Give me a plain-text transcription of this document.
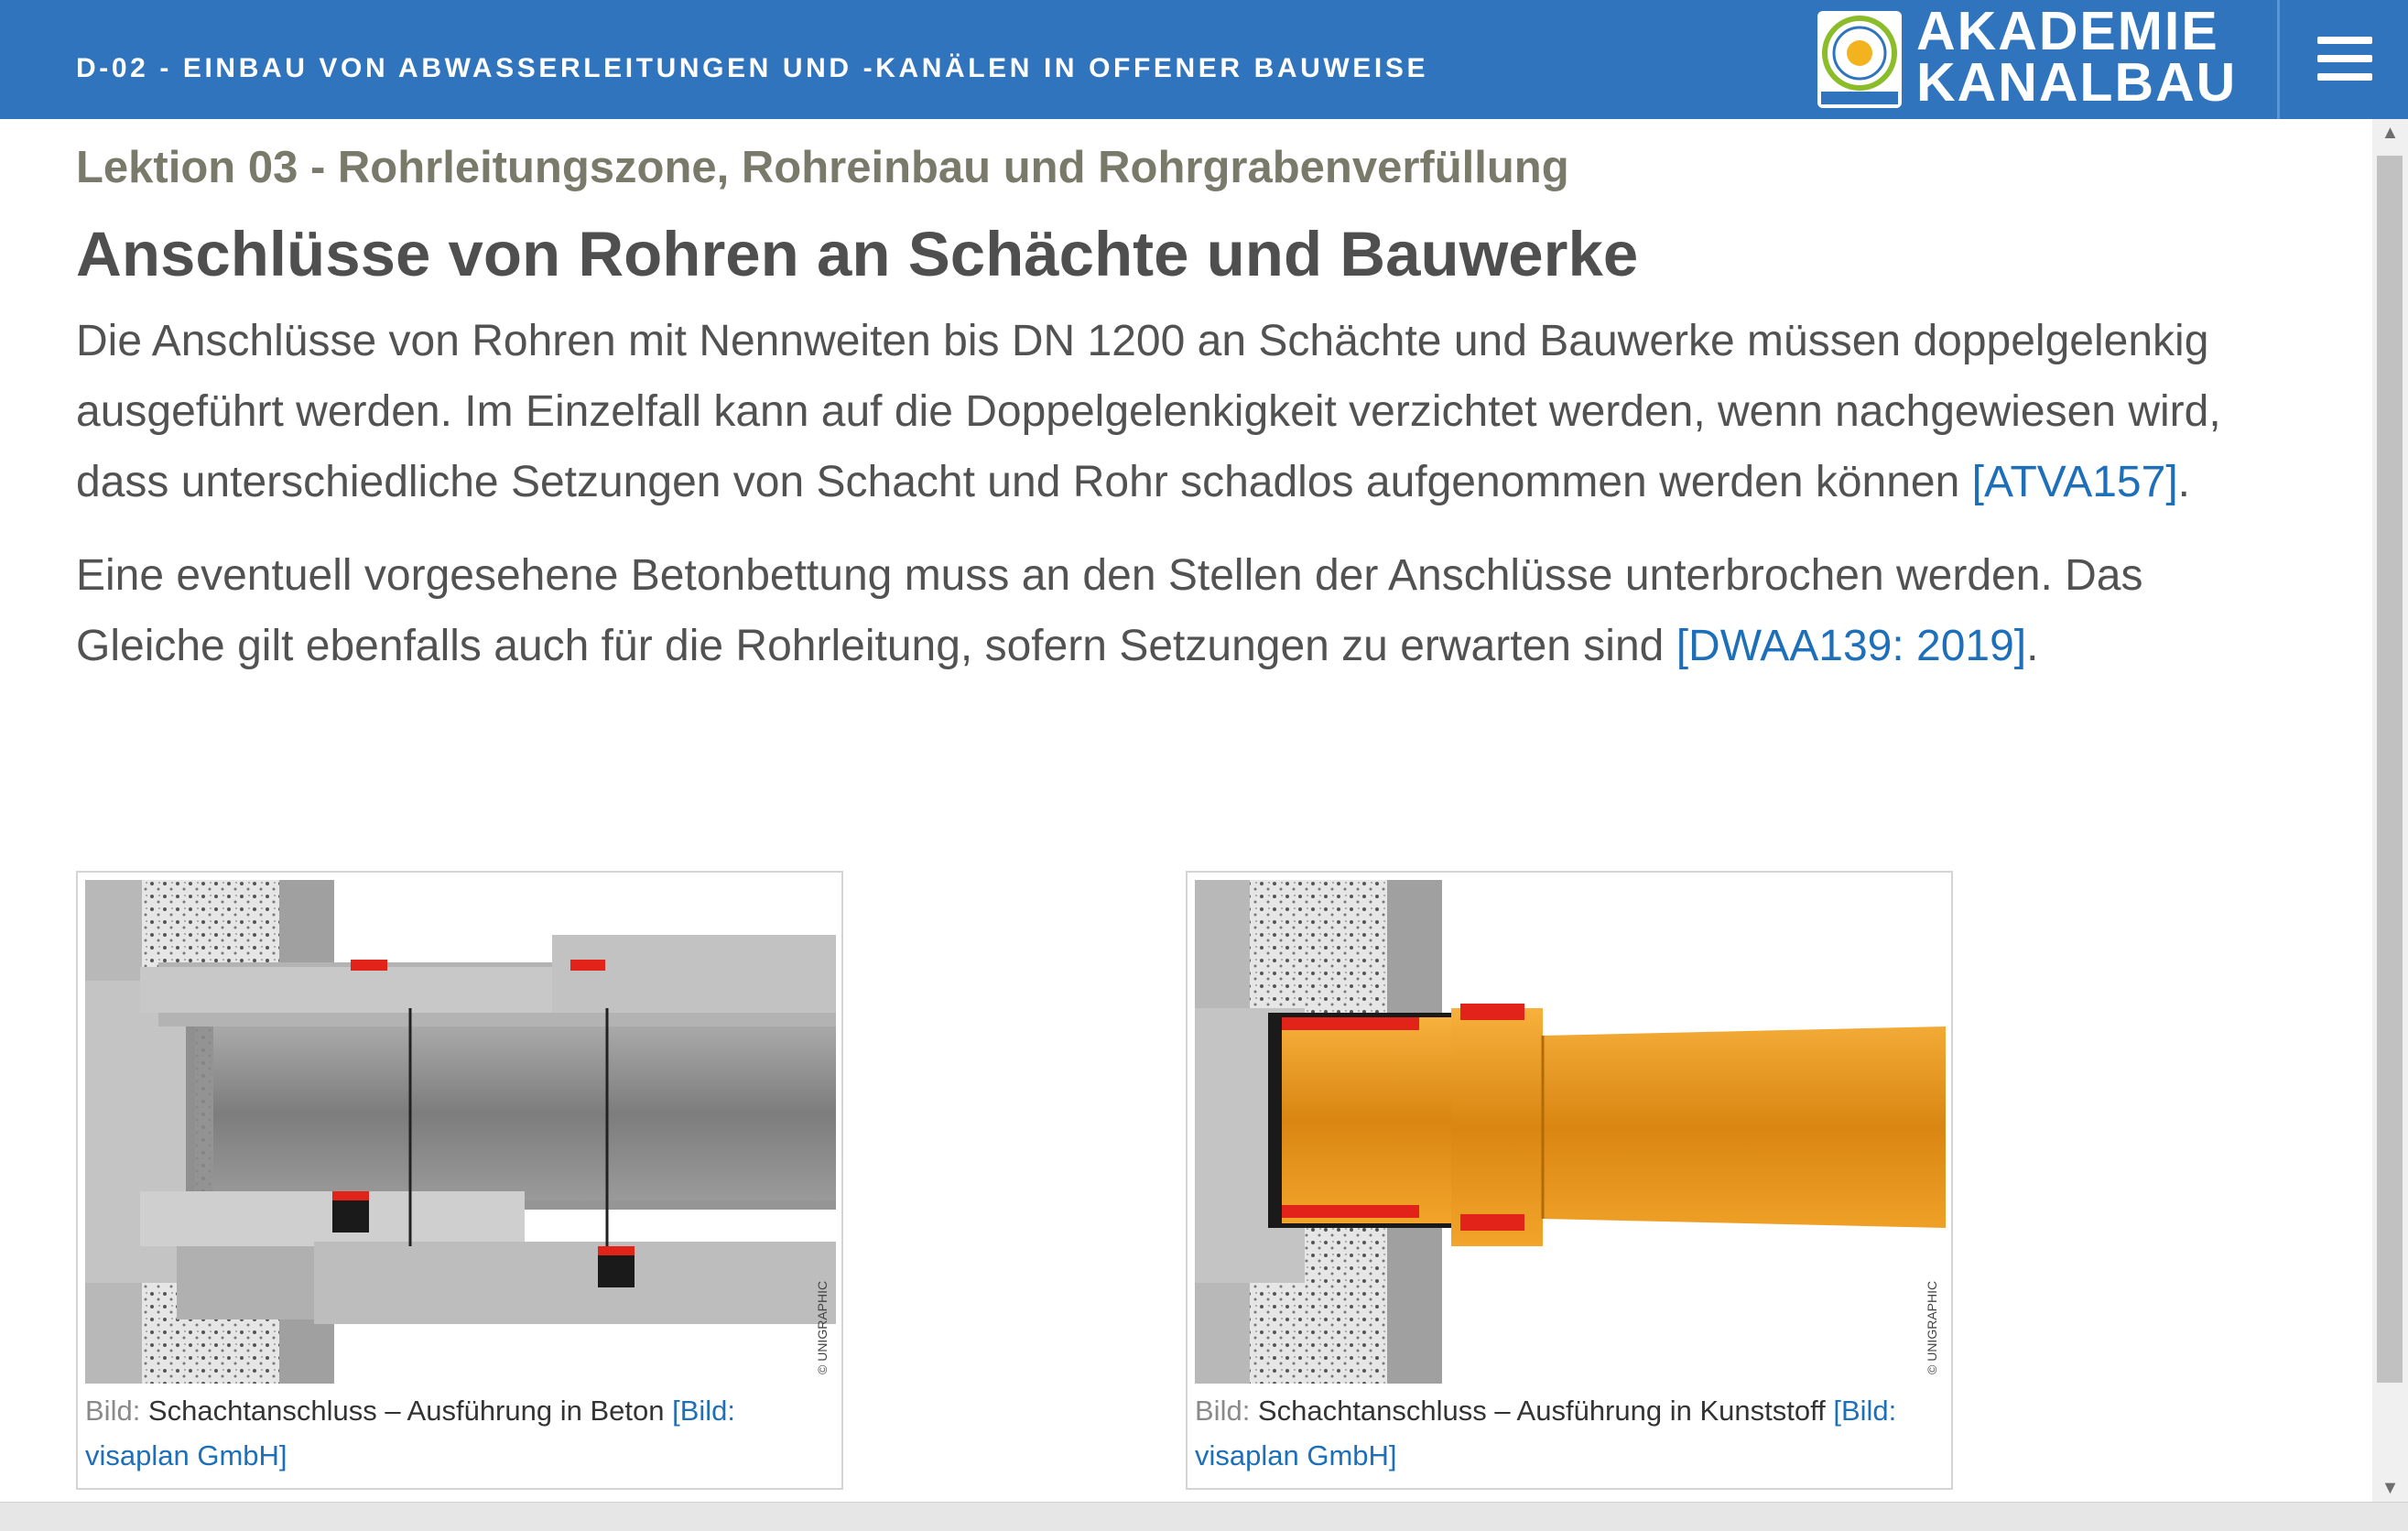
D-02 - EINBAU VON ABWASSERLEITUNGEN UND -KANÄLEN IN OFFENER BAUWEISE
AKADEMIE
KANALBAU
Lektion 03 - Rohrleitungszone, Rohreinbau und Rohrgrabenverfüllung
Anschlüsse von Rohren an Schächte und Bauwerke

Die Anschlüsse von Rohren mit Nennweiten bis DN 1200 an Schächte und Bauwerke müssen doppelgelenkig ausgeführt werden. Im Einzelfall kann auf die Doppelgelenkigkeit verzichtet werden, wenn nachgewiesen wird, dass unterschiedliche Setzungen von Schacht und Rohr schadlos aufgenommen werden können [ATVA157].

Eine eventuell vorgesehene Betonbettung muss an den Stellen der Anschlüsse unterbrochen werden. Das Gleiche gilt ebenfalls auch für die Rohrleitung, sofern Setzungen zu erwarten sind [DWAA139: 2019].

© UNIGRAPHIC
Bild: Schachtanschluss – Ausführung in Beton [Bild: visaplan GmbH]
© UNIGRAPHIC
Bild: Schachtanschluss – Ausführung in Kunststoff [Bild: visaplan GmbH]
▲
▼
